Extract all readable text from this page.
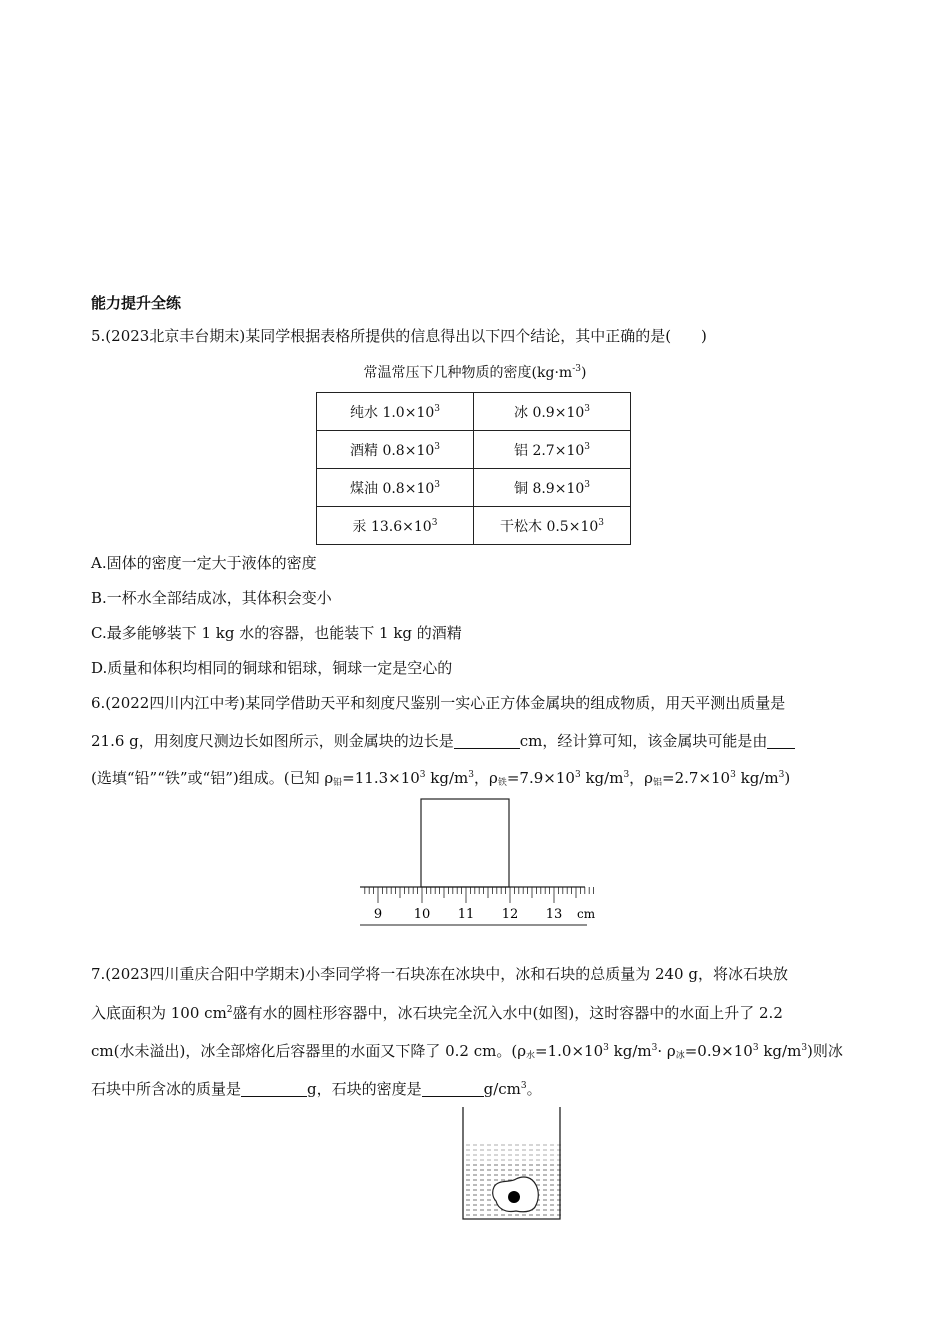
能力提升全练
5.(2023北京丰台期末)某同学根据表格所提供的信息得出以下四个结论，其中正确的是(　　)
常温常压下几种物质的密度$(kg\cdot m^{-3})$
纯水 $1.0\times 10^3$	冰 $0.9\times 10^3$
酒精 $0.8\times 10^3$	铝 $2.7\times 10^3$
煤油 $0.8\times 10^3$	铜 $8.9\times 10^3$
汞 $13.6\times 10^3$	干松木 $0.5\times 10^3$
A.固体的密度一定大于液体的密度
B.一杯水全部结成冰，其体积会变小
C.最多能够装下 1 kg 水的容器，也能装下 1 kg 的酒精
D.质量和体积均相同的铜球和铝球，铜球一定是空心的
6.(2022四川内江中考)某同学借助天平和刻度尺鉴别一实心正方体金属块的组成物质，用天平测出质量是
21.6 g，用刻度尺测边长如图所示，则金属块的边长是	cm，经计算可知，该金属块可能是由
(选填“铅”“铁”或“铝”)组成。(已知 $\rho_铅=11.3\times 10^3$ $kg/m^3$，$\rho_铁=7.9\times 10^3$ $kg/m^3$，$\rho_铝=2.7\times 10^3$ $kg/m^3$)
9 10 11 12 13 cm
7.(2023四川重庆合阳中学期末)小李同学将一石块冻在冰块中，冰和石块的总质量为 240 g，将冰石块放
入底面积为 100 $cm^2$盛有水的圆柱形容器中，冰石块完全沉入水中(如图)，这时容器中的水面上升了 2.2
cm(水未溢出)，冰全部熔化后容器里的水面又下降了 0.2 cm。($\rho_水=1.0\times 10^3$ $kg/m^3\cdot \rho_冰=0.9\times 10^3$ $kg/m^3$)则冰
石块中所含冰的质量是	g，石块的密度是	$g/cm^3$。
